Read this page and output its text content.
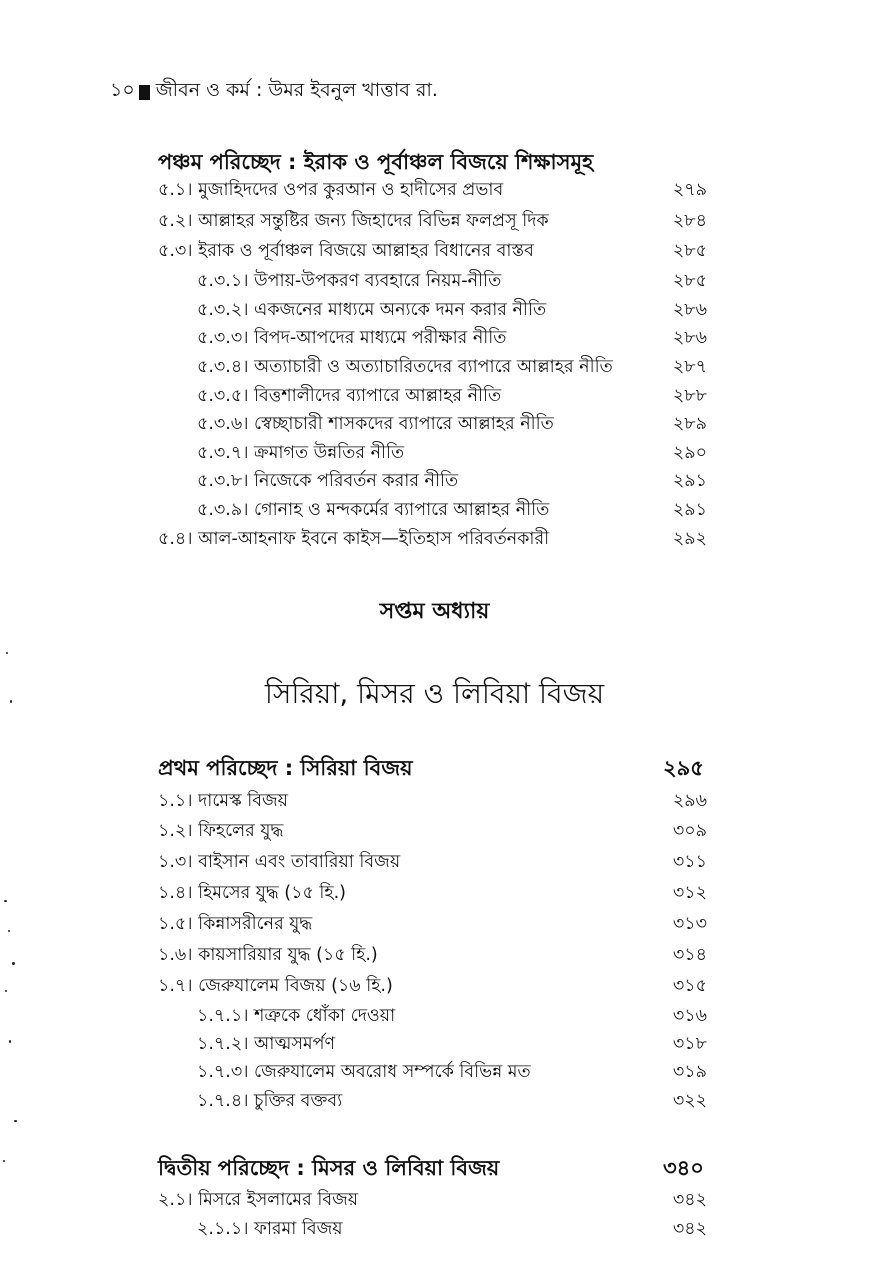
১০ জীবন ও কর্ম : উমর ইবনুল খাত্তাব রা.
পঞ্চম পরিচ্ছেদ : ইরাক ও পূর্বাঞ্চল বিজয়ে শিক্ষাসমূহ
৫.১। মুজাহিদদের ওপর কুরআন ও হাদীসের প্রভাব	২৭৯
৫.২। আল্লাহর সন্তুষ্টির জন্য জিহাদের বিভিন্ন ফলপ্রসূ দিক	২৮৪
৫.৩। ইরাক ও পূর্বাঞ্চল বিজয়ে আল্লাহর বিধানের বাস্তব	২৮৫
৫.৩.১। উপায়-উপকরণ ব্যবহারে নিয়ম-নীতি	২৮৫
৫.৩.২। একজনের মাধ্যমে অন্যকে দমন করার নীতি	২৮৬
৫.৩.৩। বিপদ-আপদের মাধ্যমে পরীক্ষার নীতি	২৮৬
৫.৩.৪। অত্যাচারী ও অত্যাচারিতদের ব্যাপারে আল্লাহর নীতি	২৮৭
৫.৩.৫। বিত্তশালীদের ব্যাপারে আল্লাহর নীতি	২৮৮
৫.৩.৬। স্বেচ্ছাচারী শাসকদের ব্যাপারে আল্লাহর নীতি	২৮৯
৫.৩.৭। ক্রমাগত উন্নতির নীতি	২৯০
৫.৩.৮। নিজেকে পরিবর্তন করার নীতি	২৯১
৫.৩.৯। গোনাহ ও মন্দকর্মের ব্যাপারে আল্লাহর নীতি	২৯১
৫.৪। আল-আহনাফ ইবনে কাইস—ইতিহাস পরিবর্তনকারী	২৯২
সপ্তম অধ্যায়
সিরিয়া, মিসর ও লিবিয়া বিজয়
প্রথম পরিচ্ছেদ : সিরিয়া বিজয়	২৯৫
১.১। দামেস্ক বিজয়	২৯৬
১.২। ফিহলের যুদ্ধ	৩০৯
১.৩। বাইসান এবং তাবারিয়া বিজয়	৩১১
১.৪। হিমসের যুদ্ধ (১৫ হি.)	৩১২
১.৫। কিন্নাসরীনের যুদ্ধ	৩১৩
১.৬। কায়সারিয়ার যুদ্ধ (১৫ হি.)	৩১৪
১.৭। জেরুযালেম বিজয় (১৬ হি.)	৩১৫
১.৭.১। শত্রুকে ধোঁকা দেওয়া	৩১৬
১.৭.২। আত্মসমর্পণ	৩১৮
১.৭.৩। জেরুযালেম অবরোধ সম্পর্কে বিভিন্ন মত	৩১৯
১.৭.৪। চুক্তির বক্তব্য	৩২২
দ্বিতীয় পরিচ্ছেদ : মিসর ও লিবিয়া বিজয়	৩৪০
২.১। মিসরে ইসলামের বিজয়	৩৪২
২.১.১। ফারমা বিজয়	৩৪২
